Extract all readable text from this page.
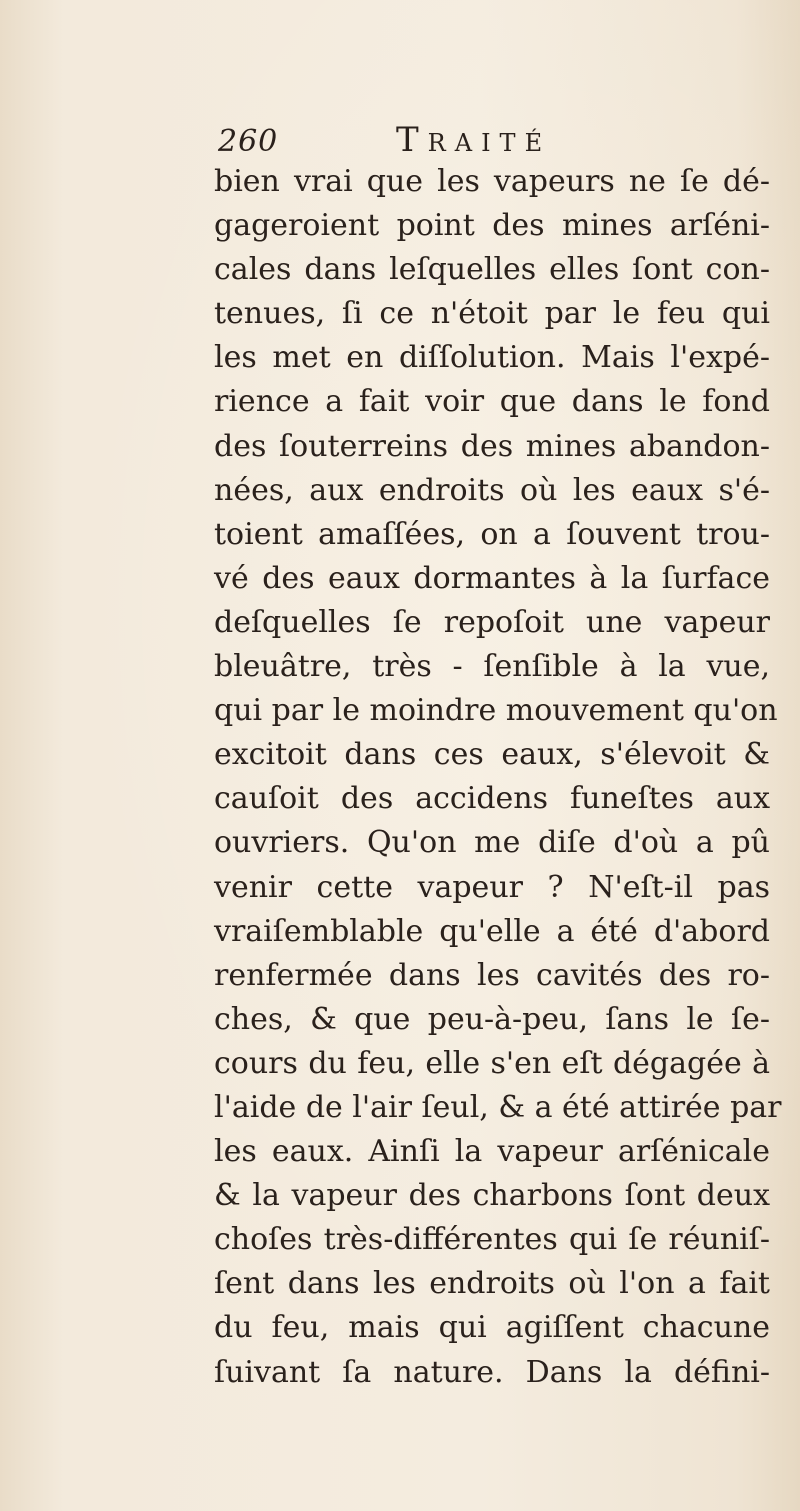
260	Traité
bien vrai que les vapeurs ne ſe dé-
gageroient point des mines arſéni-
cales dans leſquelles elles ſont con-
tenues, ſi ce n'étoit par le feu qui
les met en diſſolution. Mais l'expé-
rience a fait voir que dans le fond
des ſouterreins des mines abandon-
nées, aux endroits où les eaux s'é-
toient amaſſées, on a ſouvent trou-
vé des eaux dormantes à la ſurface
deſquelles ſe repoſoit une vapeur
bleuâtre, très - ſenſible à la vue,
qui par le moindre mouvement qu'on
excitoit dans ces eaux, s'élevoit &
cauſoit des accidens funeſtes aux
ouvriers. Qu'on me diſe d'où a pû
venir cette vapeur ? N'eſt-il pas
vraiſemblable qu'elle a été d'abord
renfermée dans les cavités des ro-
ches, & que peu-à-peu, ſans le ſe-
cours du feu, elle s'en eſt dégagée à
l'aide de l'air ſeul, & a été attirée par
les eaux. Ainſi la vapeur arſénicale
& la vapeur des charbons ſont deux
choſes très-différentes qui ſe réuniſ-
ſent dans les endroits où l'on a fait
du feu, mais qui agiſſent chacune
ſuivant ſa nature. Dans la défini-
